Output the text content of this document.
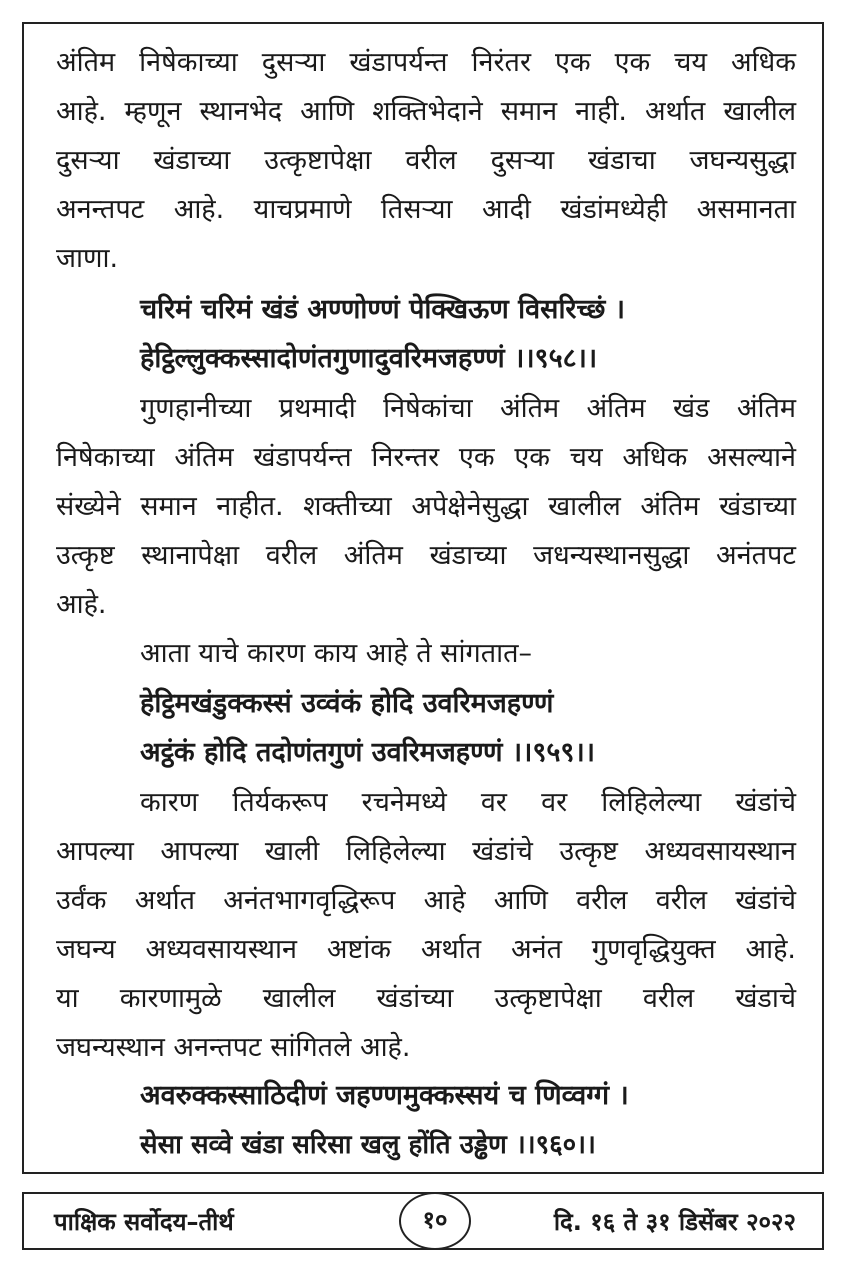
अंतिम निषेकाच्या दुसऱ्या खंडापर्यन्त निरंतर एक एक चय अधिक
आहे. म्हणून स्थानभेद आणि शक्तिभेदाने समान नाही. अर्थात खालील
दुसऱ्या खंडाच्या उत्कृष्टापेक्षा वरील दुसऱ्या खंडाचा जघन्यसुद्धा
अनन्तपट आहे. याचप्रमाणे तिसऱ्या आदी खंडांमध्येही असमानता
जाणा.
चरिमं चरिमं खंडं अण्णोण्णं पेक्खिऊण विसरिच्छं ।
हेट्ठिल्लुक्कस्सादोणंतगुणादुवरिमजहण्णं ।।९५८।।
गुणहानीच्या प्रथमादी निषेकांचा अंतिम अंतिम खंड अंतिम
निषेकाच्या अंतिम खंडापर्यन्त निरन्तर एक एक चय अधिक असल्याने
संख्येने समान नाहीत. शक्तीच्या अपेक्षेनेसुद्धा खालील अंतिम खंडाच्या
उत्कृष्ट स्थानापेक्षा वरील अंतिम खंडाच्या जधन्यस्थानसुद्धा अनंतपट
आहे.
आता याचे कारण काय आहे ते सांगतात–
हेट्ठिमखंडुक्कस्सं उव्वंकं होदि उवरिमजहण्णं
अट्ठंकं होदि तदोणंतगुणं उवरिमजहण्णं ।।९५९।।
कारण तिर्यकरूप रचनेमध्ये वर वर लिहिलेल्या खंडांचे
आपल्या आपल्या खाली लिहिलेल्या खंडांचे उत्कृष्ट अध्यवसायस्थान
उर्वंक अर्थात अनंतभागवृद्धिरूप आहे आणि वरील वरील खंडांचे
जघन्य अध्यवसायस्थान अष्टांक अर्थात अनंत गुणवृद्धियुक्त आहे.
या कारणामुळे खालील खंडांच्या उत्कृष्टापेक्षा वरील खंडाचे
जघन्यस्थान अनन्तपट सांगितले आहे.
अवरुक्कस्साठिदीणं जहण्णमुक्कस्सयं च णिव्वग्गं ।
सेसा सव्वे खंडा सरिसा खलु होंति उड्ढेण ।।९६०।।
पाक्षिक सर्वोदय–तीर्थ	१०	दि. १६ ते ३१ डिसेंबर २०२२
